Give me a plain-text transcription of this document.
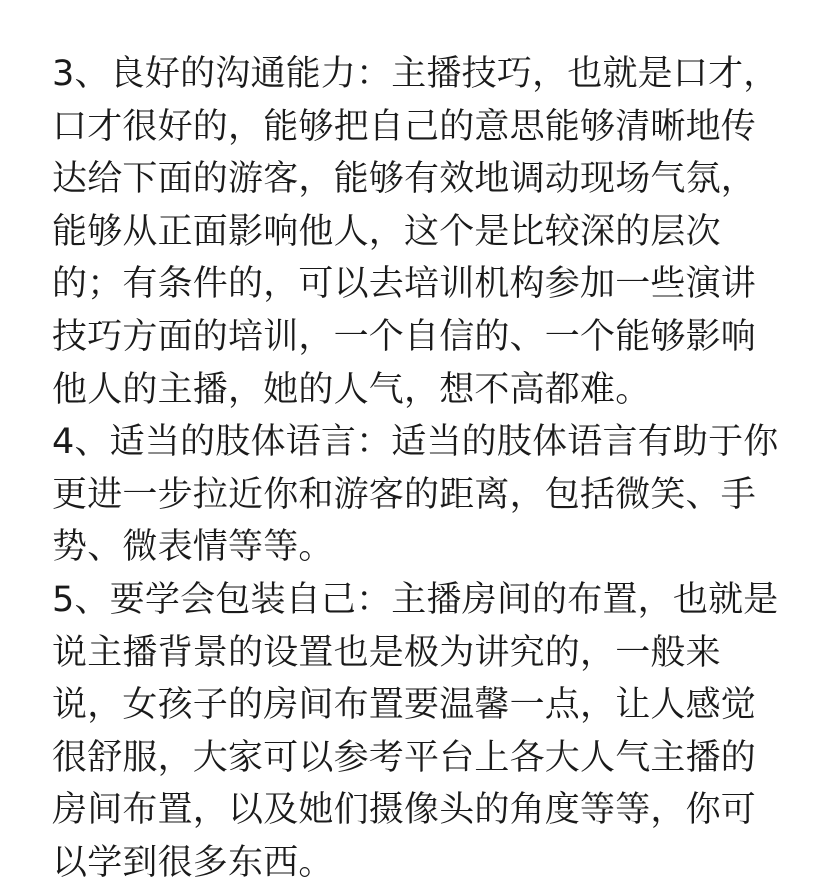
3、良好的沟通能力：主播技巧，也就是口才，
口才很好的，能够把自己的意思能够清晰地传
达给下面的游客，能够有效地调动现场气氛，
能够从正面影响他人，这个是比较深的层次
的；有条件的，可以去培训机构参加一些演讲
技巧方面的培训，一个自信的、一个能够影响
他人的主播，她的人气，想不高都难。
4、适当的肢体语言：适当的肢体语言有助于你
更进一步拉近你和游客的距离，包括微笑、手
势、微表情等等。
5、要学会包装自己：主播房间的布置，也就是
说主播背景的设置也是极为讲究的，一般来
说，女孩子的房间布置要温馨一点，让人感觉
很舒服，大家可以参考平台上各大人气主播的
房间布置，以及她们摄像头的角度等等，你可
以学到很多东西。
